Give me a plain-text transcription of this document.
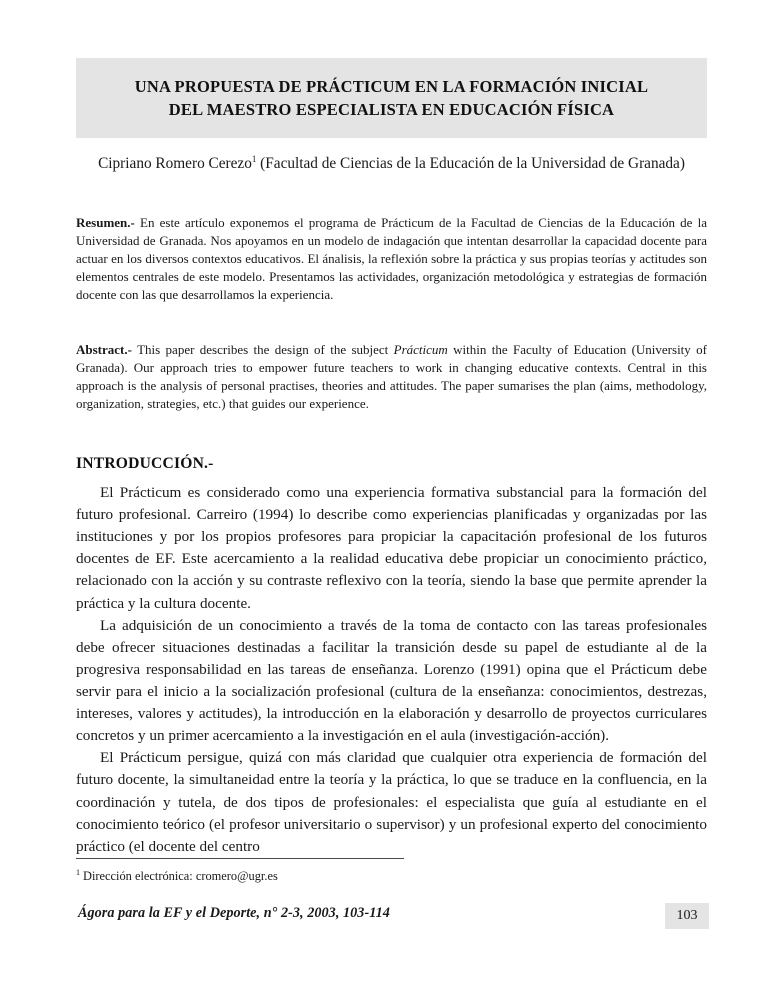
UNA PROPUESTA DE PRÁCTICUM EN LA FORMACIÓN INICIAL
DEL MAESTRO ESPECIALISTA EN EDUCACIÓN FÍSICA
Cipriano Romero Cerezo$^1$ (Facultad de Ciencias de la Educación de la Universidad de Granada)
Resumen.- En este artículo exponemos el programa de Prácticum de la Facultad de Ciencias de la Educación de la Universidad de Granada. Nos apoyamos en un modelo de indagación que intentan desarrollar la capacidad docente para actuar en los diversos contextos educativos. El ánalisis, la reflexión sobre la práctica y sus propias teorías y actitudes son elementos centrales de este modelo. Presentamos las actividades, organización metodológica y estrategias de formación docente con las que desarrollamos la experiencia.
Abstract.- This paper describes the design of the subject Prácticum within the Faculty of Education (University of Granada). Our approach tries to empower future teachers to work in changing educative contexts. Central in this approach is the analysis of personal practises, theories and attitudes. The paper sumarises the plan (aims, methodology, organization, strategies, etc.) that guides our experience.
INTRODUCCIÓN.-

El Prácticum es considerado como una experiencia formativa substancial para la formación del futuro profesional. Carreiro (1994) lo describe como experiencias planificadas y organizadas por las instituciones y por los propios profesores para propiciar la capacitación profesional de los futuros docentes de EF. Este acercamiento a la realidad educativa debe propiciar un conocimiento práctico, relacionado con la acción y su contraste reflexivo con la teoría, siendo la base que permite aprender la práctica y la cultura docente.

La adquisición de un conocimiento a través de la toma de contacto con las tareas profesionales debe ofrecer situaciones destinadas a facilitar la transición desde su papel de estudiante al de la progresiva responsabilidad en las tareas de enseñanza. Lorenzo (1991) opina que el Prácticum debe servir para el inicio a la socialización profesional (cultura de la enseñanza: conocimientos, destrezas, intereses, valores y actitudes), la introducción en la elaboración y desarrollo de proyectos curriculares concretos y un primer acercamiento a la investigación en el aula (investigación-acción).

El Prácticum persigue, quizá con más claridad que cualquier otra experiencia de formación del futuro docente, la simultaneidad entre la teoría y la práctica, lo que se traduce en la confluencia, en la coordinación y tutela, de dos tipos de profesionales: el especialista que guía al estudiante en el conocimiento teórico (el profesor universitario o supervisor) y un profesional experto del conocimiento práctico (el docente del centro

$^1$ Dirección electrónica: cromero@ugr.es
Ágora para la EF y el Deporte, n° 2-3, 2003, 103-114	103
